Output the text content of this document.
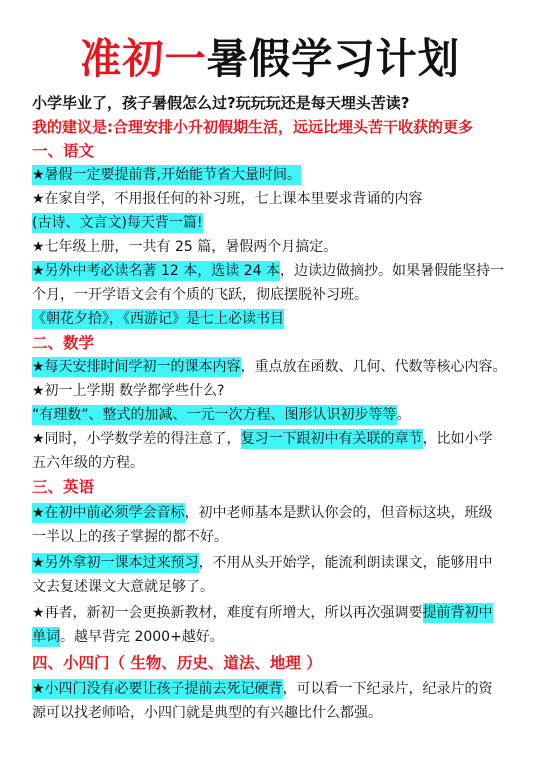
准初一暑假学习计划
小学毕业了，孩子暑假怎么过?玩玩玩还是每天埋头苦读?
我的建议是:合理安排小升初假期生活，远远比埋头苦干收获的更多
一、语文
★暑假一定要提前背,开始能节省大量时间。
★在家自学，不用报任何的补习班，七上课本里要求背诵的内容
(古诗、文言文)每天背一篇!
★七年级上册，一共有 25 篇，暑假两个月搞定。
★另外中考必读名著 12 本，选读 24 本，边读边做摘抄。如果暑假能坚持一
个月，一开学语文会有个质的飞跃，彻底摆脱补习班。
《朝花夕拾》，《西游记》是七上必读书目
二、数学
★每天安排时间学初一的课本内容，重点放在函数、几何、代数等核心内容。
★初一上学期 数学都学些什么?
“有理数”、整式的加减、一元一次方程、图形认识初步等等。
★同时，小学数学差的得注意了，复习一下跟初中有关联的章节，比如小学
五六年级的方程。
三、英语
★在初中前必须学会音标，初中老师基本是默认你会的，但音标这块，班级
一半以上的孩子掌握的都不好。
★另外拿初一课本过来预习，不用从头开始学，能流利朗读课文，能够用中
文去复述课文大意就足够了。
★再者，新初一会更换新教材，难度有所增大，所以再次强调要提前背初中
单词。越早背完 2000+越好。
四、小四门（ 生物、历史、道法、地理 ）
★小四门没有必要让孩子提前去死记硬背，可以看一下纪录片，纪录片的资
源可以找老师哈，小四门就是典型的有兴趣比什么都强。
